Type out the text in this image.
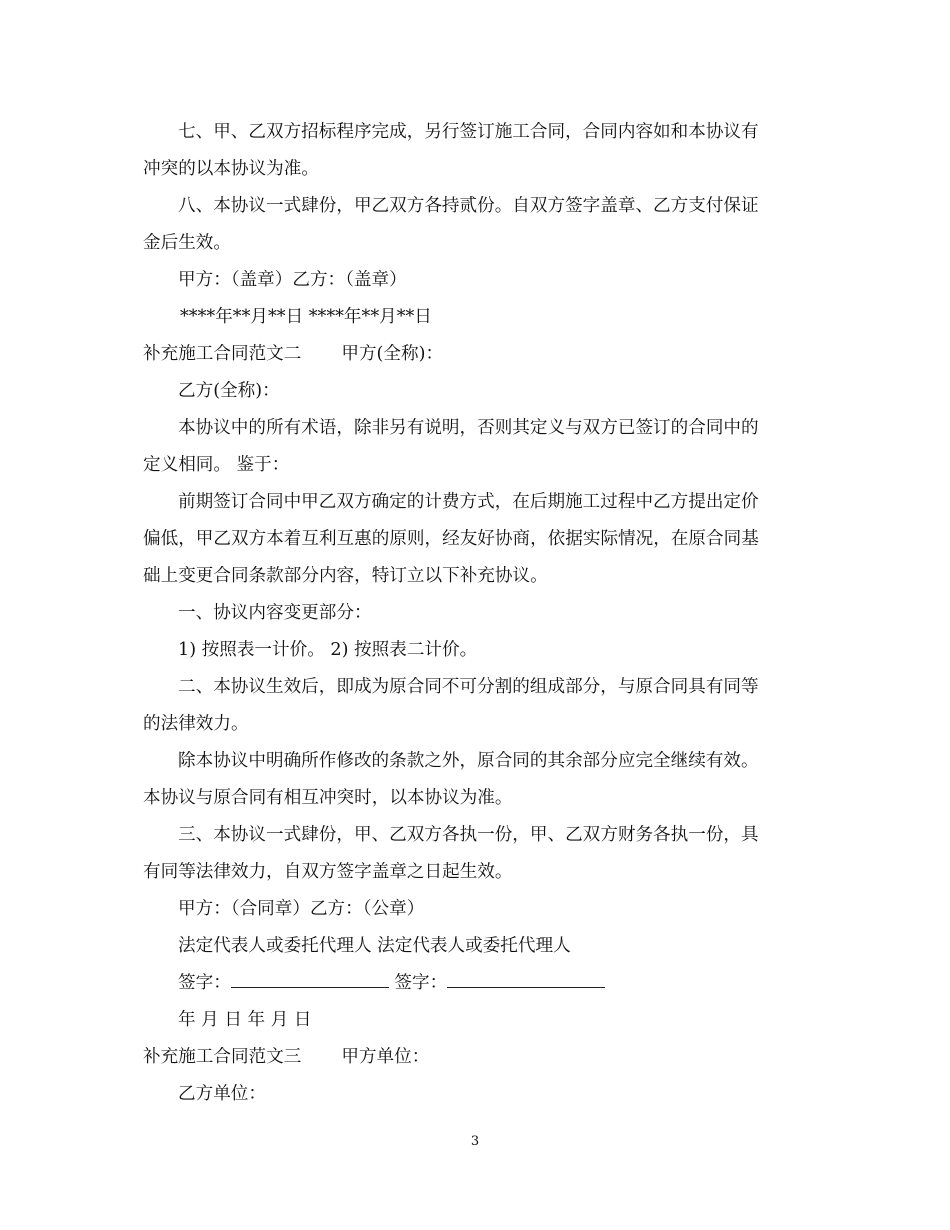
七、甲、乙双方招标程序完成，另行签订施工合同，合同内容如和本协议有

冲突的以本协议为准。

八、本协议一式肆份，甲乙双方各持贰份。自双方签字盖章、乙方支付保证

金后生效。

甲方：（盖章）乙方：（盖章）

****年**月**日 ****年**月**日

补充施工合同范文二 甲方(全称)：

乙方(全称)：

本协议中的所有术语，除非另有说明，否则其定义与双方已签订的合同中的

定义相同。 鉴于：

前期签订合同中甲乙双方确定的计费方式，在后期施工过程中乙方提出定价

偏低，甲乙双方本着互利互惠的原则，经友好协商，依据实际情况，在原合同基

础上变更合同条款部分内容，特订立以下补充协议。

一、协议内容变更部分：

1) 按照表一计价。 2) 按照表二计价。

二、本协议生效后，即成为原合同不可分割的组成部分，与原合同具有同等

的法律效力。

除本协议中明确所作修改的条款之外，原合同的其余部分应完全继续有效。

本协议与原合同有相互冲突时，以本协议为准。

三、本协议一式肆份，甲、乙双方各执一份，甲、乙双方财务各执一份，具

有同等法律效力，自双方签字盖章之日起生效。

甲方：（合同章）乙方：（公章）

法定代表人或委托代理人 法定代表人或委托代理人

签字：	签字：

年 月 日 年 月 日

补充施工合同范文三 甲方单位：

乙方单位：

3
